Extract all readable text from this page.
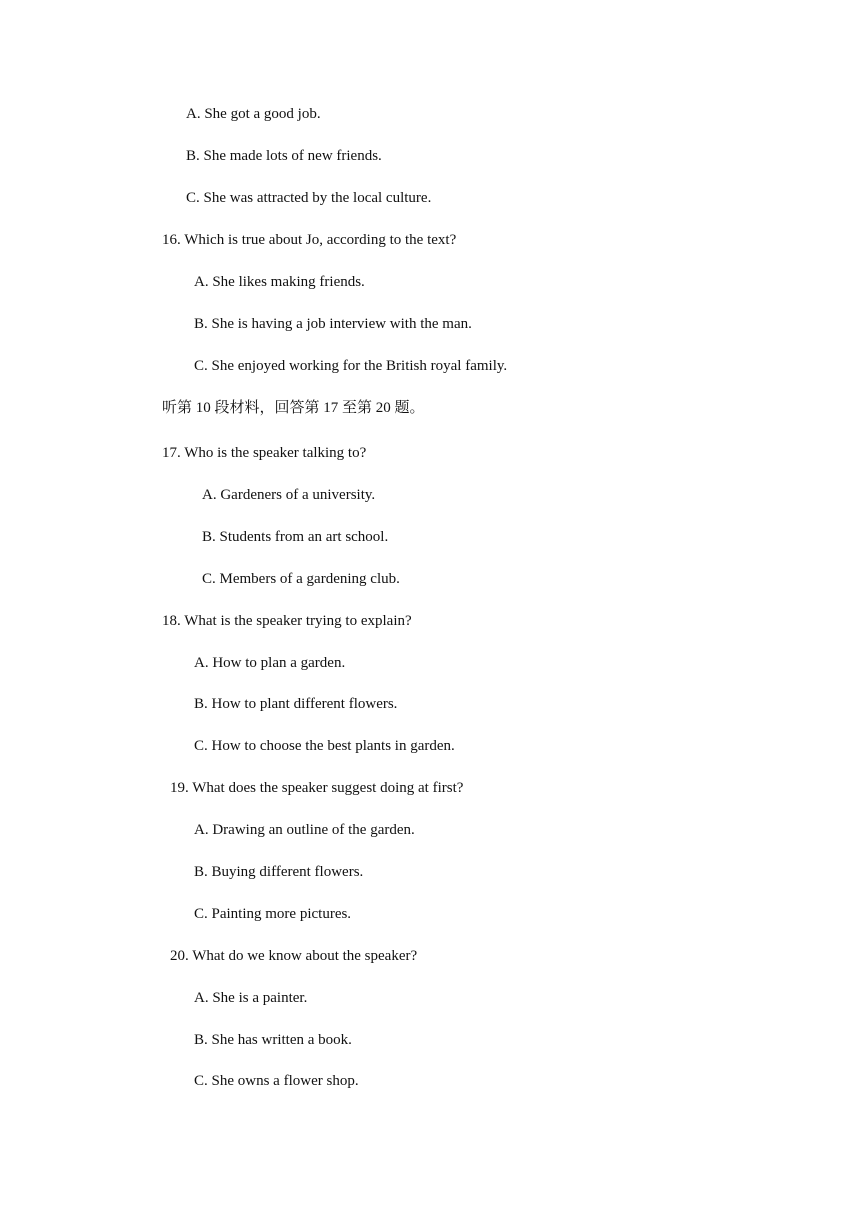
A. She got a good job.
B. She made lots of new friends.
C. She was attracted by the local culture.
16. Which is true about Jo, according to the text?
A. She likes making friends.
B. She is having a job interview with the man.
C. She enjoyed working for the British royal family.
听第 10 段材料，回答第 17 至第 20 题。
17. Who is the speaker talking to?
A. Gardeners of a university.
B. Students from an art school.
C. Members of a gardening club.
18. What is the speaker trying to explain?
A. How to plan a garden.
B. How to plant different flowers.
C. How to choose the best plants in garden.
19. What does the speaker suggest doing at first?
A. Drawing an outline of the garden.
B. Buying different flowers.
C. Painting more pictures.
20. What do we know about the speaker?
A. She is a painter.
B. She has written a book.
C. She owns a flower shop.
